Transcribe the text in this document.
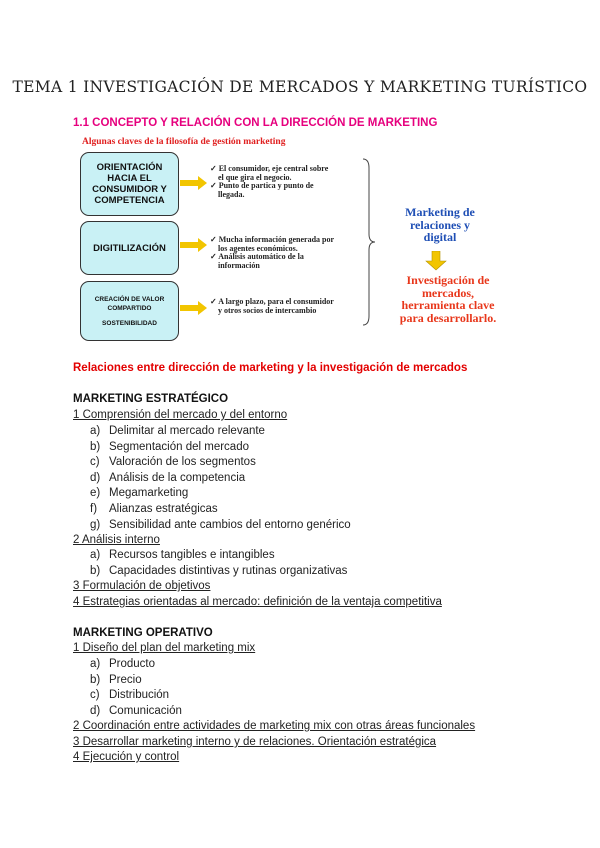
TEMA 1 INVESTIGACIÓN DE MERCADOS Y MARKETING TURÍSTICO
1.1 CONCEPTO Y RELACIÓN CON LA DIRECCIÓN DE MARKETING
Algunas claves de la filosofía de gestión marketing
ORIENTACIÓN
HACIA EL
CONSUMIDOR Y
COMPETENCIA
DIGITILIZACIÓN
CREACIÓN DE VALOR
COMPARTIDO
SOSTENIBILIDAD
✓ El consumidor, eje central sobre
el que gira el negocio.
✓ Punto de partica y punto de
llegada.
✓ Mucha información generada por
los agentes económicos.
✓ Análisis automático de la
información
✓ A largo plazo, para el consumidor
y otros socios de intercambio
Marketing de
relaciones y
digital
Investigación de
mercados,
herramienta clave
para desarrollarlo.
Relaciones entre dirección de marketing y la investigación de mercados
MARKETING ESTRATÉGICO
1 Comprensión del mercado y del entorno
a) Delimitar al mercado relevante
b) Segmentación del mercado
c) Valoración de los segmentos
d) Análisis de la competencia
e) Megamarketing
f) Alianzas estratégicas
g) Sensibilidad ante cambios del entorno genérico
2 Análisis interno
a) Recursos tangibles e intangibles
b) Capacidades distintivas y rutinas organizativas
3 Formulación de objetivos
4 Estrategias orientadas al mercado: definición de la ventaja competitiva
MARKETING OPERATIVO
1 Diseño del plan del marketing mix
a) Producto
b) Precio
c) Distribución
d) Comunicación
2 Coordinación entre actividades de marketing mix con otras áreas funcionales
3 Desarrollar marketing interno y de relaciones. Orientación estratégica
4 Ejecución y control
